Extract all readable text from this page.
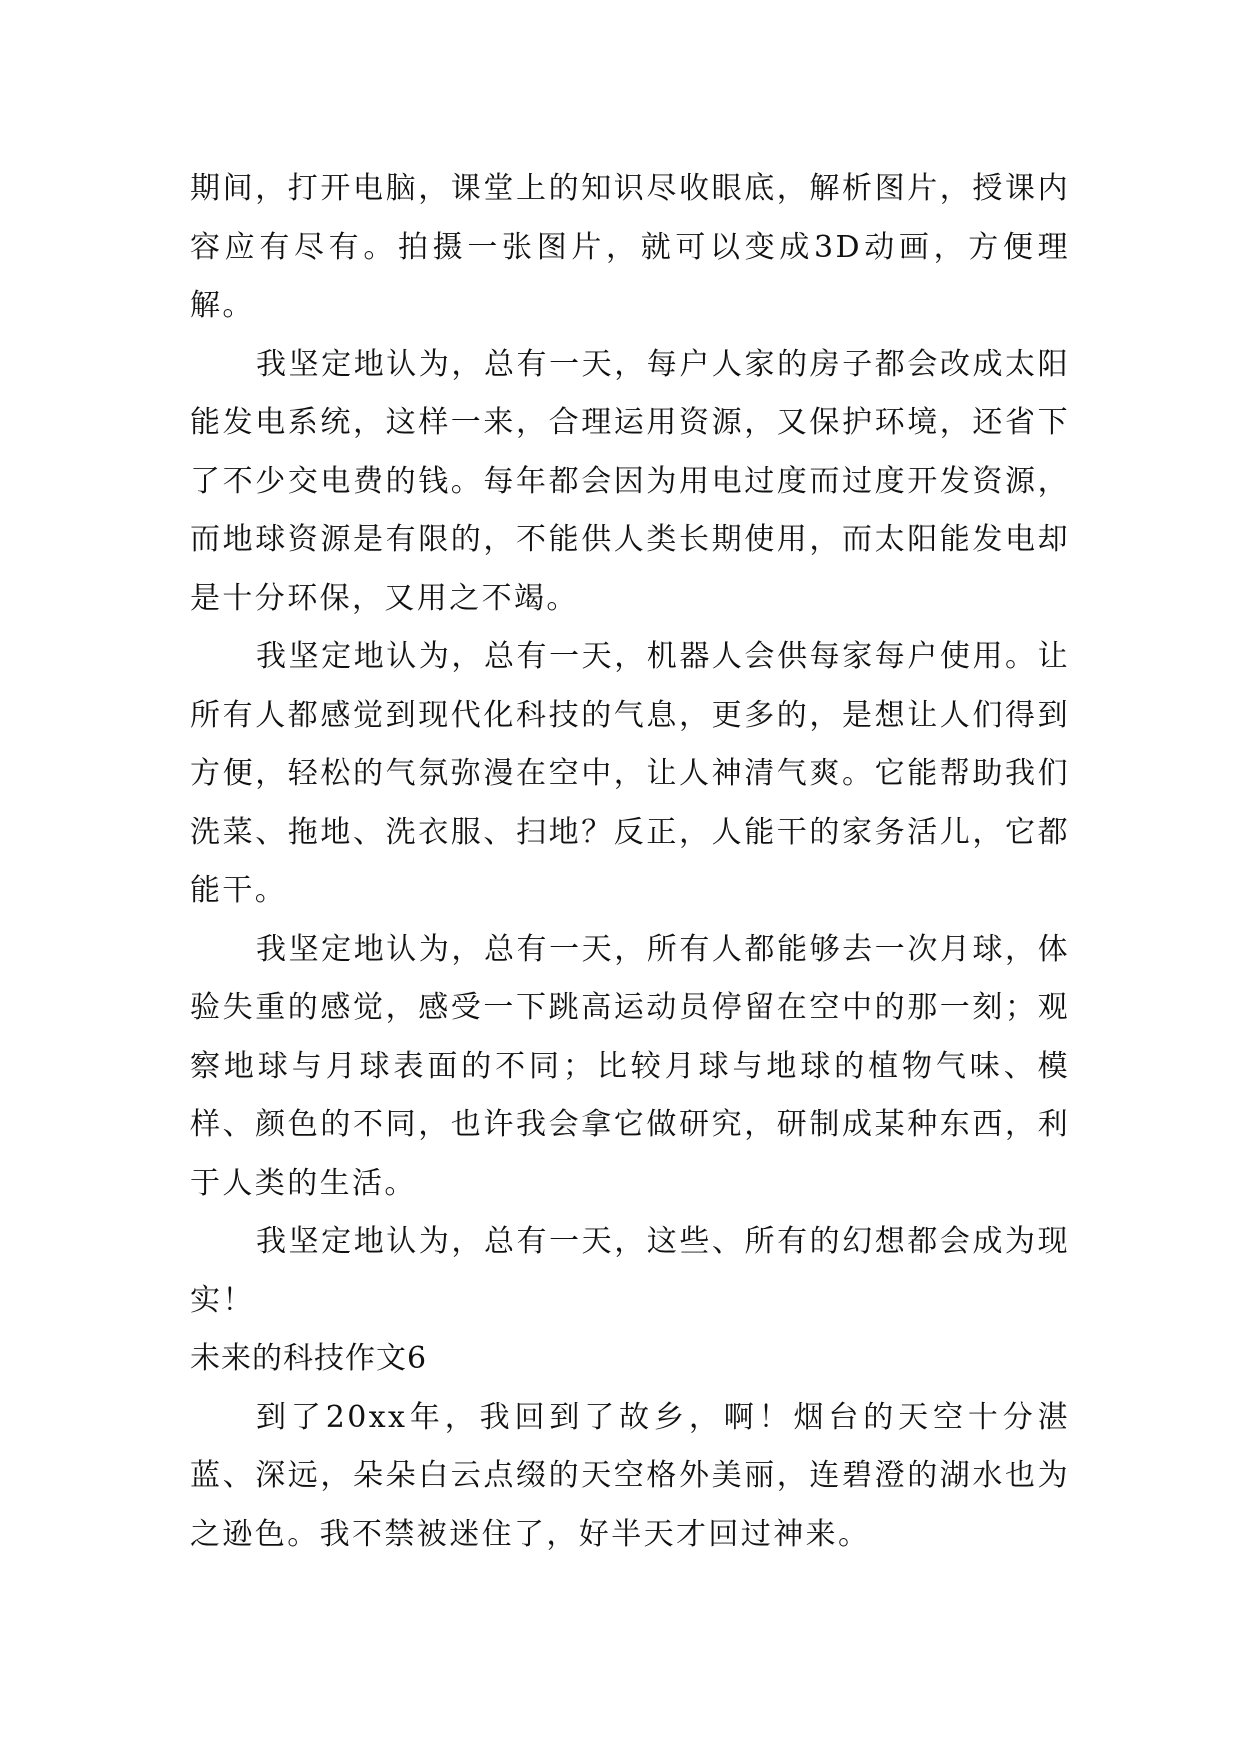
期间，打开电脑，课堂上的知识尽收眼底，解析图片，授课内容应有尽有。拍摄一张图片，就可以变成3D动画，方便理解。

我坚定地认为，总有一天，每户人家的房子都会改成太阳能发电系统，这样一来，合理运用资源，又保护环境，还省下了不少交电费的钱。每年都会因为用电过度而过度开发资源，而地球资源是有限的，不能供人类长期使用，而太阳能发电却是十分环保，又用之不竭。

我坚定地认为，总有一天，机器人会供每家每户使用。让所有人都感觉到现代化科技的气息，更多的，是想让人们得到方便，轻松的气氛弥漫在空中，让人神清气爽。它能帮助我们洗菜、拖地、洗衣服、扫地？反正，人能干的家务活儿，它都能干。

我坚定地认为，总有一天，所有人都能够去一次月球，体验失重的感觉，感受一下跳高运动员停留在空中的那一刻；观察地球与月球表面的不同；比较月球与地球的植物气味、模样、颜色的不同，也许我会拿它做研究，研制成某种东西，利于人类的生活。

我坚定地认为，总有一天，这些、所有的幻想都会成为现实！

未来的科技作文6

到了20xx年，我回到了故乡，啊！烟台的天空十分湛蓝、深远，朵朵白云点缀的天空格外美丽，连碧澄的湖水也为之逊色。我不禁被迷住了，好半天才回过神来。
